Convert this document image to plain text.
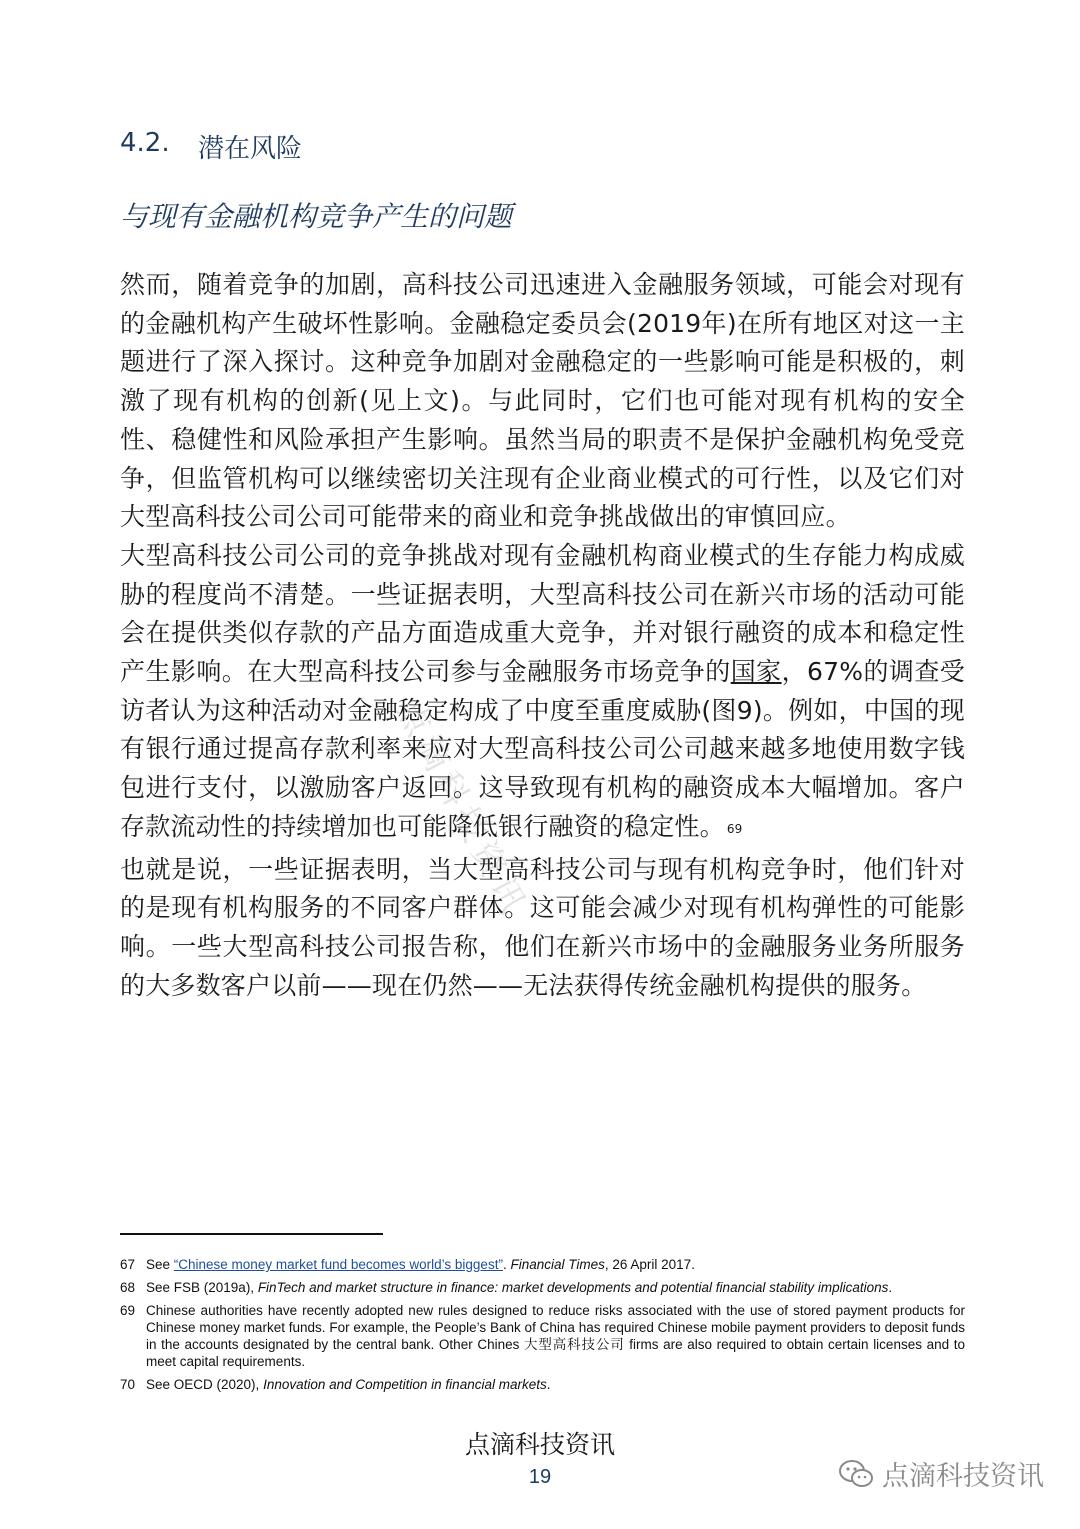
点滴科技资讯
4.2.	潜在风险
与现有金融机构竞争产生的问题

然而，随着竞争的加剧，高科技公司迅速进入金融服务领域，可能会对现有的金融机构产生破坏性影响。金融稳定委员会(2019年)在所有地区对这一主题进行了深入探讨。这种竞争加剧对金融稳定的一些影响可能是积极的，刺激了现有机构的创新(见上文)。与此同时，它们也可能对现有机构的安全性、稳健性和风险承担产生影响。虽然当局的职责不是保护金融机构免受竞争，但监管机构可以继续密切关注现有企业商业模式的可行性，以及它们对大型高科技公司公司可能带来的商业和竞争挑战做出的审慎回应。

大型高科技公司公司的竞争挑战对现有金融机构商业模式的生存能力构成威胁的程度尚不清楚。一些证据表明，大型高科技公司在新兴市场的活动可能会在提供类似存款的产品方面造成重大竞争，并对银行融资的成本和稳定性产生影响。在大型高科技公司参与金融服务市场竞争的国家，67%的调查受访者认为这种活动对金融稳定构成了中度至重度威胁(图9)。例如，中国的现有银行通过提高存款利率来应对大型高科技公司公司越来越多地使用数字钱包进行支付，以激励客户返回。这导致现有机构的融资成本大幅增加。客户存款流动性的持续增加也可能降低银行融资的稳定性。 $^{69}$

也就是说，一些证据表明，当大型高科技公司与现有机构竞争时，他们针对的是现有机构服务的不同客户群体。这可能会减少对现有机构弹性的可能影响。一些大型高科技公司报告称，他们在新兴市场中的金融服务业务所服务的大多数客户以前——现在仍然——无法获得传统金融机构提供的服务。

67 See “Chinese money market fund becomes world’s biggest”. Financial Times, 26 April 2017.
68 See FSB (2019a), FinTech and market structure in finance: market developments and potential financial stability implications.
69 Chinese authorities have recently adopted new rules designed to reduce risks associated with the use of stored payment products for Chinese money market funds. For example, the People’s Bank of China has required Chinese mobile payment providers to deposit funds in the accounts designated by the central bank. Other Chines 大型高科技公司 firms are also required to obtain certain licenses and to meet capital requirements.
70 See OECD (2020), Innovation and Competition in financial markets.
点滴科技资讯
19	点滴科技资讯
